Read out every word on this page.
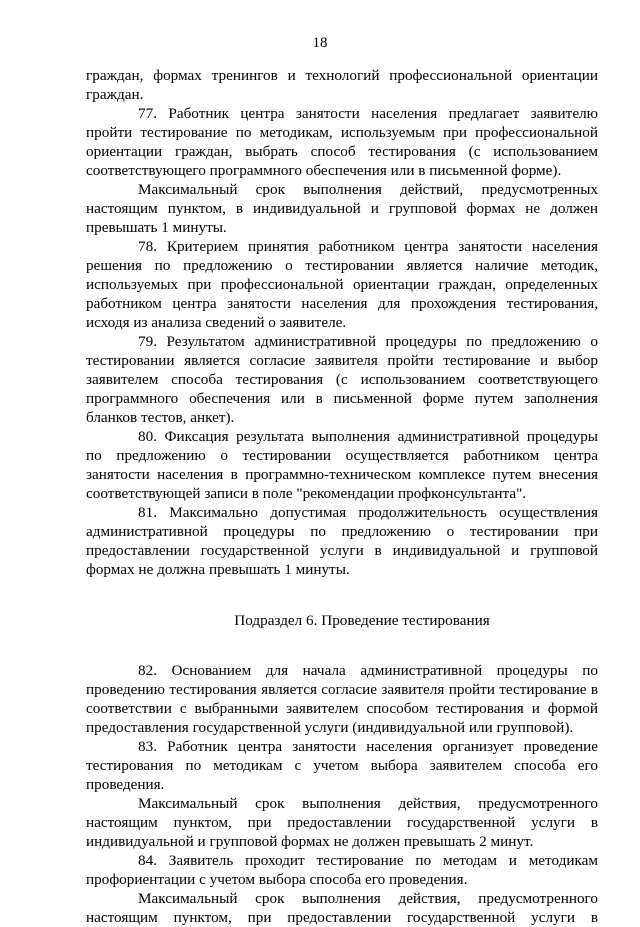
18

граждан, формах тренингов и технологий профессиональной ориентации граждан.

77. Работник центра занятости населения предлагает заявителю пройти тестирование по методикам, используемым при профессиональной ориентации граждан, выбрать способ тестирования (с использованием соответствующего программного обеспечения или в письменной форме).

Максимальный срок выполнения действий, предусмотренных настоящим пунктом, в индивидуальной и групповой формах не должен превышать 1 минуты.

78. Критерием принятия работником центра занятости населения решения по предложению о тестировании является наличие методик, используемых при профессиональной ориентации граждан, определенных работником центра занятости населения для прохождения тестирования, исходя из анализа сведений о заявителе.

79. Результатом административной процедуры по предложению о тестировании является согласие заявителя пройти тестирование и выбор заявителем способа тестирования (с использованием соответствующего программного обеспечения или в письменной форме путем заполнения бланков тестов, анкет).

80. Фиксация результата выполнения административной процедуры по предложению о тестировании осуществляется работником центра занятости населения в программно-техническом комплексе путем внесения соответствующей записи в поле "рекомендации профконсультанта".

81. Максимально допустимая продолжительность осуществления административной процедуры по предложению о тестировании при предоставлении государственной услуги в индивидуальной и групповой формах не должна превышать 1 минуты.

Подраздел 6. Проведение тестирования

82. Основанием для начала административной процедуры по проведению тестирования является согласие заявителя пройти тестирование в соответствии с выбранными заявителем способом тестирования и формой предоставления государственной услуги (индивидуальной или групповой).

83. Работник центра занятости населения организует проведение тестирования по методикам с учетом выбора заявителем способа его проведения.

Максимальный срок выполнения действия, предусмотренного настоящим пунктом, при предоставлении государственной услуги в индивидуальной и групповой формах не должен превышать 2 минут.

84. Заявитель проходит тестирование по методам и методикам профориентации с учетом выбора способа его проведения.

Максимальный срок выполнения действия, предусмотренного настоящим пунктом, при предоставлении государственной услуги в
